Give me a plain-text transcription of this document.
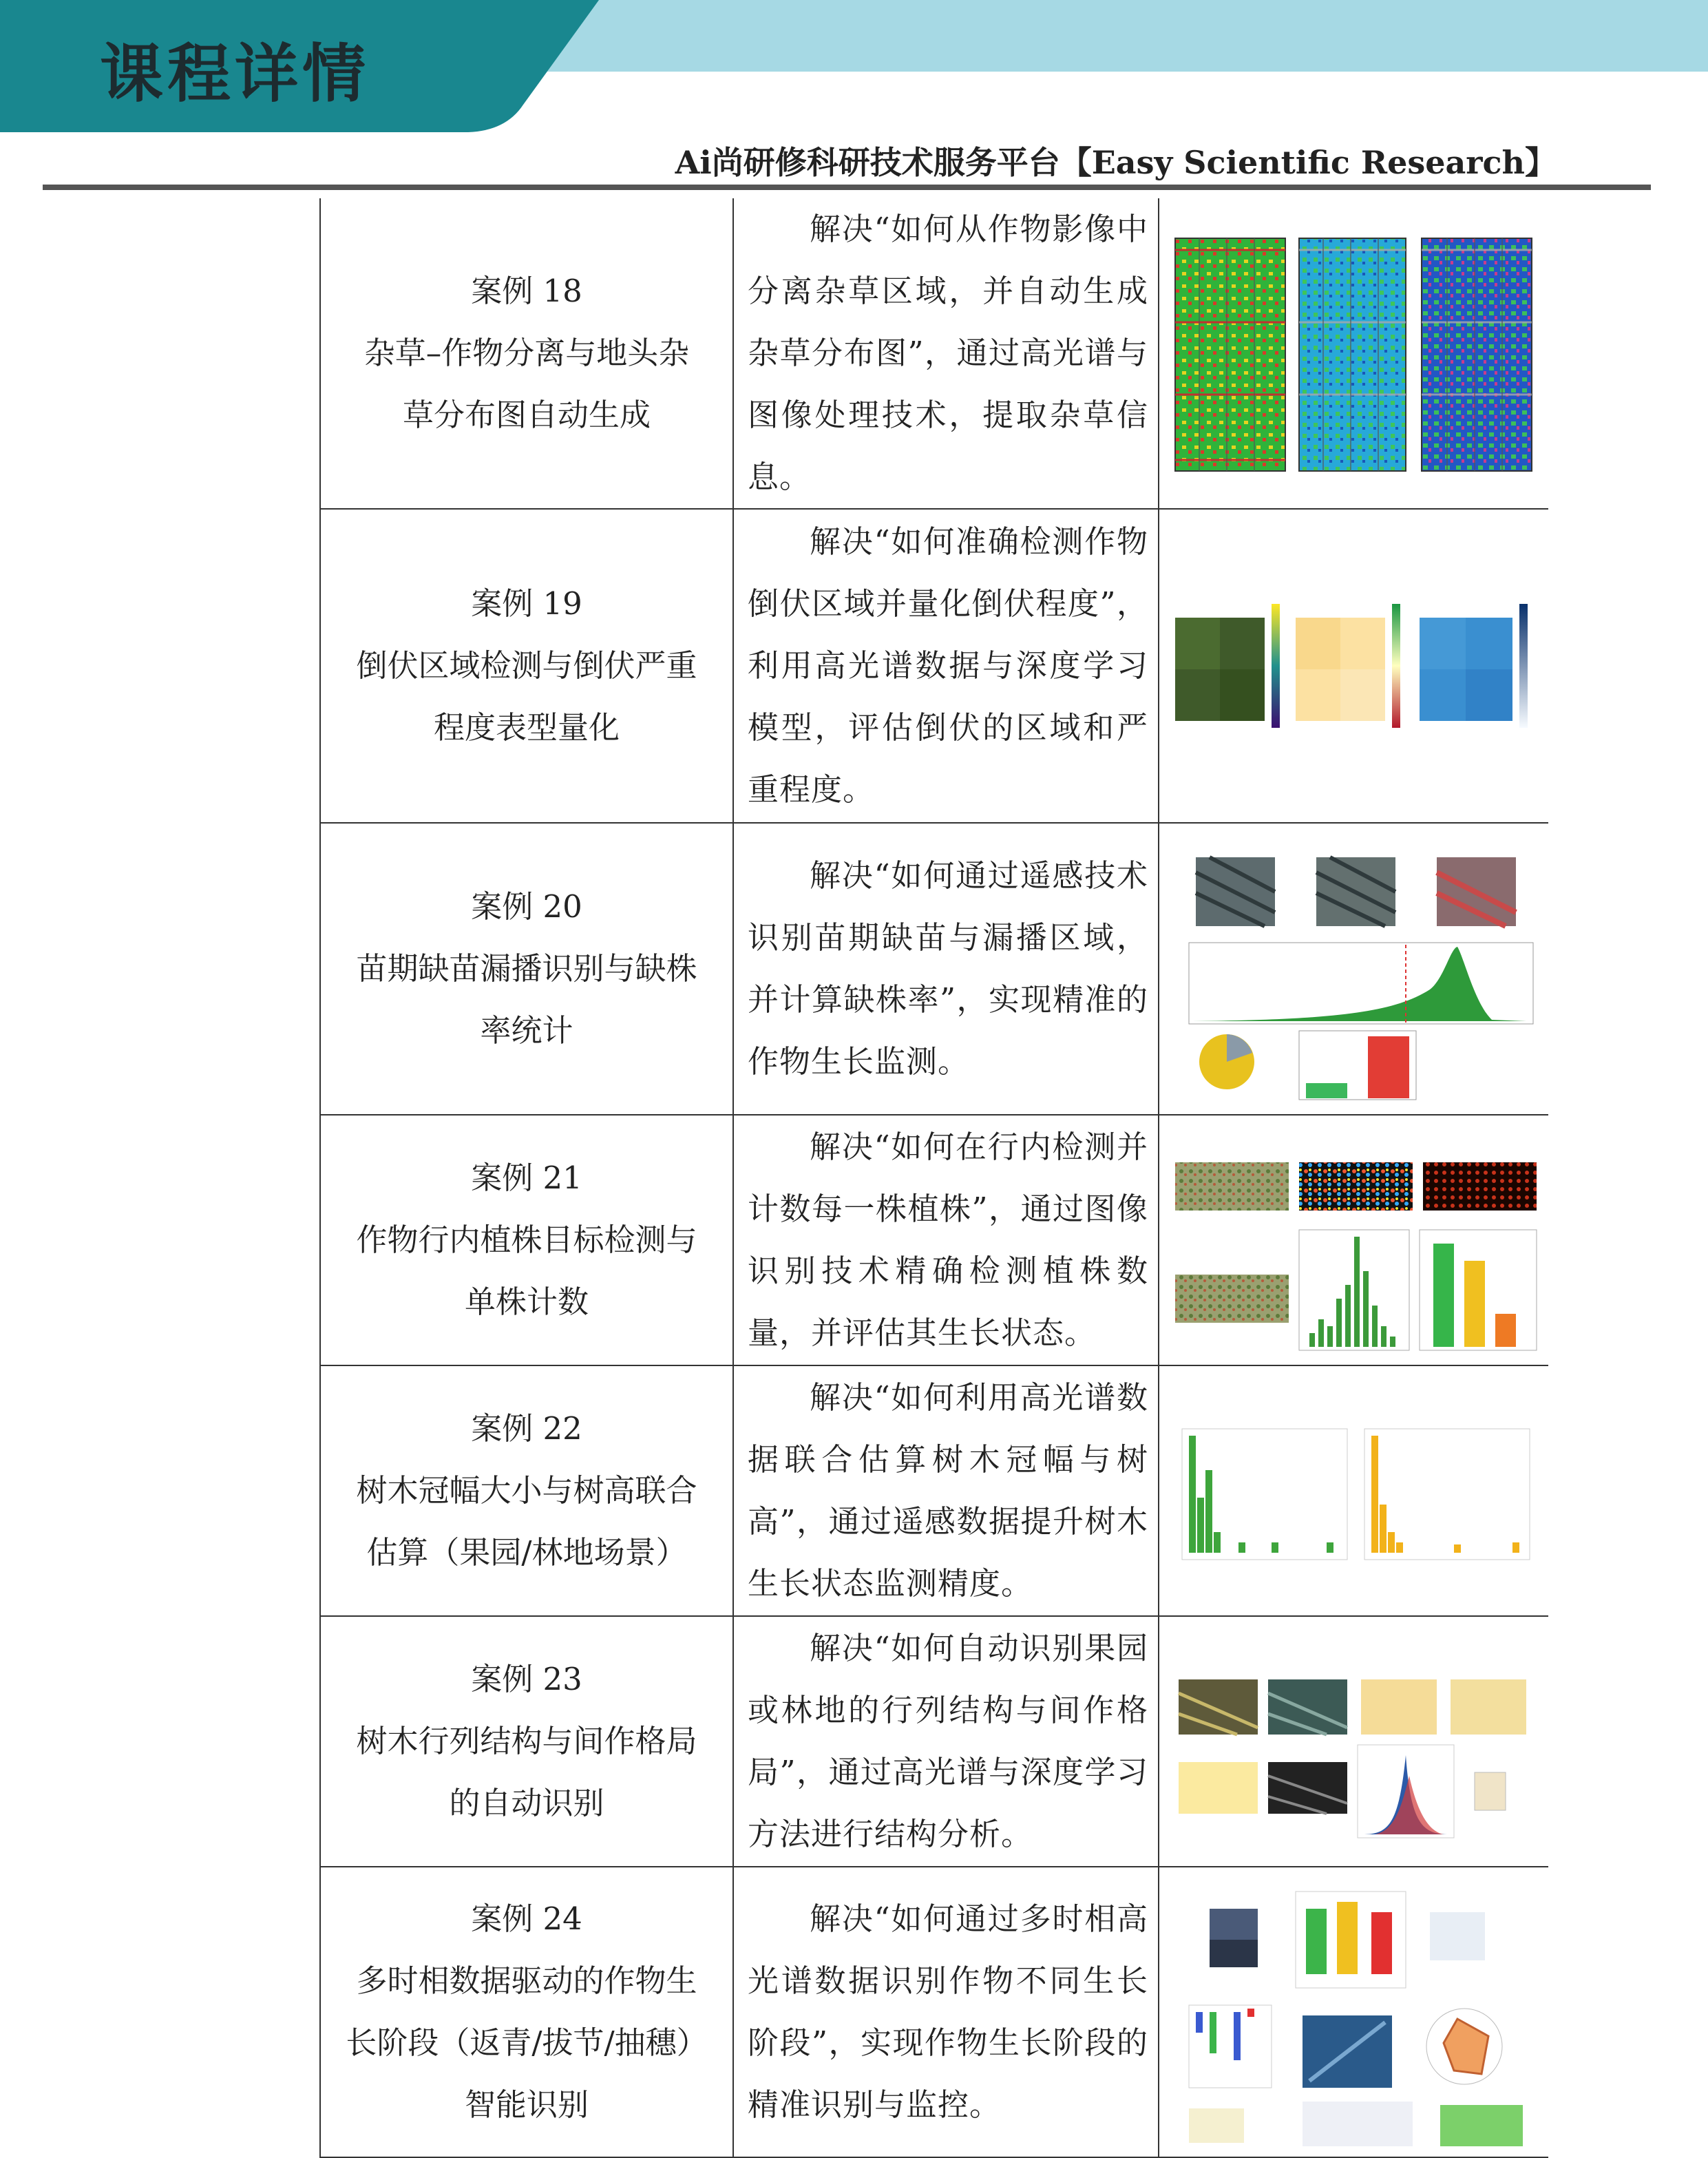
课程详情
Ai尚研修科研技术服务平台【Easy Scientific Research】
案例 18
杂草–作物分离与地头杂
草分布图自动生成	解决“如何从作物影像中分离杂草区域，并自动生成杂草分布图”，通过高光谱与图像处理技术，提取杂草信息。

案例 19
倒伏区域检测与倒伏严重
程度表型量化	解决“如何准确检测作物倒伏区域并量化倒伏程度”，利用高光谱数据与深度学习模型，评估倒伏的区域和严重程度。

案例 20
苗期缺苗漏播识别与缺株
率统计	解决“如何通过遥感技术识别苗期缺苗与漏播区域，并计算缺株率”，实现精准的作物生长监测。

案例 21
作物行内植株目标检测与
单株计数	解决“如何在行内检测并计数每一株植株”，通过图像识别技术精确检测植株数量，并评估其生长状态。

案例 22
树木冠幅大小与树高联合
估算（果园/林地场景）	解决“如何利用高光谱数据联合估算树木冠幅与树高”，通过遥感数据提升树木生长状态监测精度。

案例 23
树木行列结构与间作格局
的自动识别	解决“如何自动识别果园或林地的行列结构与间作格局”，通过高光谱与深度学习方法进行结构分析。

案例 24
多时相数据驱动的作物生
长阶段（返青/拔节/抽穗）
智能识别	解决“如何通过多时相高光谱数据识别作物不同生长阶段”，实现作物生长阶段的精准识别与监控。
